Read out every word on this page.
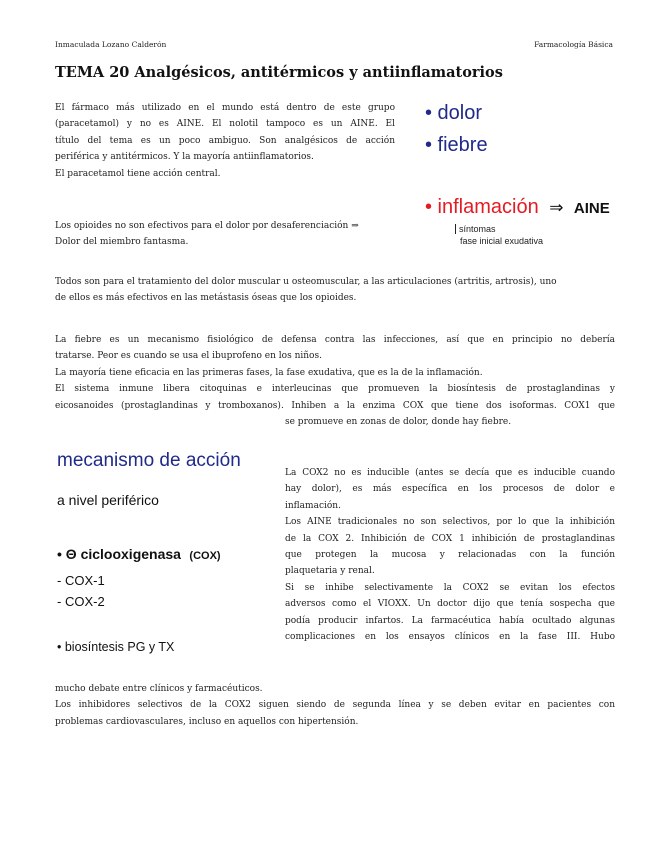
Inmaculada Lozano Calderón	Farmacología Básica
TEMA 20 Analgésicos, antitérmicos y antiinflamatorios
El fármaco más utilizado en el mundo está dentro de este grupo
(paracetamol) y no es AINE. El nolotil tampoco es un AINE. El
título del tema es un poco ambiguo. Son analgésicos de acción
periférica y antitérmicos. Y la mayoría antiinflamatorios.
El paracetamol tiene acción central.
Los opioides no son efectivos para el dolor por desaferenciación ⇒
Dolor del miembro fantasma.
• dolor
• fiebre
• inflamación ⇒ AINE
síntomas
fase inicial exudativa
Todos son para el tratamiento del dolor muscular u osteomuscular, a las articulaciones (artritis, artrosis), uno
de ellos es más efectivos en las metástasis óseas que los opioides.
La fiebre es un mecanismo fisiológico de defensa contra las infecciones, así que en principio no debería
tratarse. Peor es cuando se usa el ibuprofeno en los niños.
La mayoría tiene eficacia en las primeras fases, la fase exudativa, que es la de la inflamación.
El sistema inmune libera citoquinas e interleucinas que promueven la biosíntesis de prostaglandinas y
eicosanoides (prostaglandinas y tromboxanos). Inhiben a la enzima COX que tiene dos isoformas. COX1 que
se promueve en zonas de dolor, donde hay fiebre.
mecanismo de acción
a nivel periférico
• Θ ciclooxigenasa (COX)
- COX-1
- COX-2
• biosíntesis PG y TX
La COX2 no es inducible (antes se decía que es inducible cuando
hay dolor), es más específica en los procesos de dolor e
inflamación.
Los AINE tradicionales no son selectivos, por lo que la inhibición
de la COX 2. Inhibición de COX 1 inhibición de prostaglandinas
que protegen la mucosa y relacionadas con la función
plaquetaria y renal.
Si se inhibe selectivamente la COX2 se evitan los efectos
adversos como el VIOXX. Un doctor dijo que tenía sospecha que
podía producir infartos. La farmacéutica había ocultado algunas
complicaciones en los ensayos clínicos en la fase III. Hubo
mucho debate entre clínicos y farmacéuticos.
Los inhibidores selectivos de la COX2 siguen siendo de segunda línea y se deben evitar en pacientes con
problemas cardiovasculares, incluso en aquellos con hipertensión.
